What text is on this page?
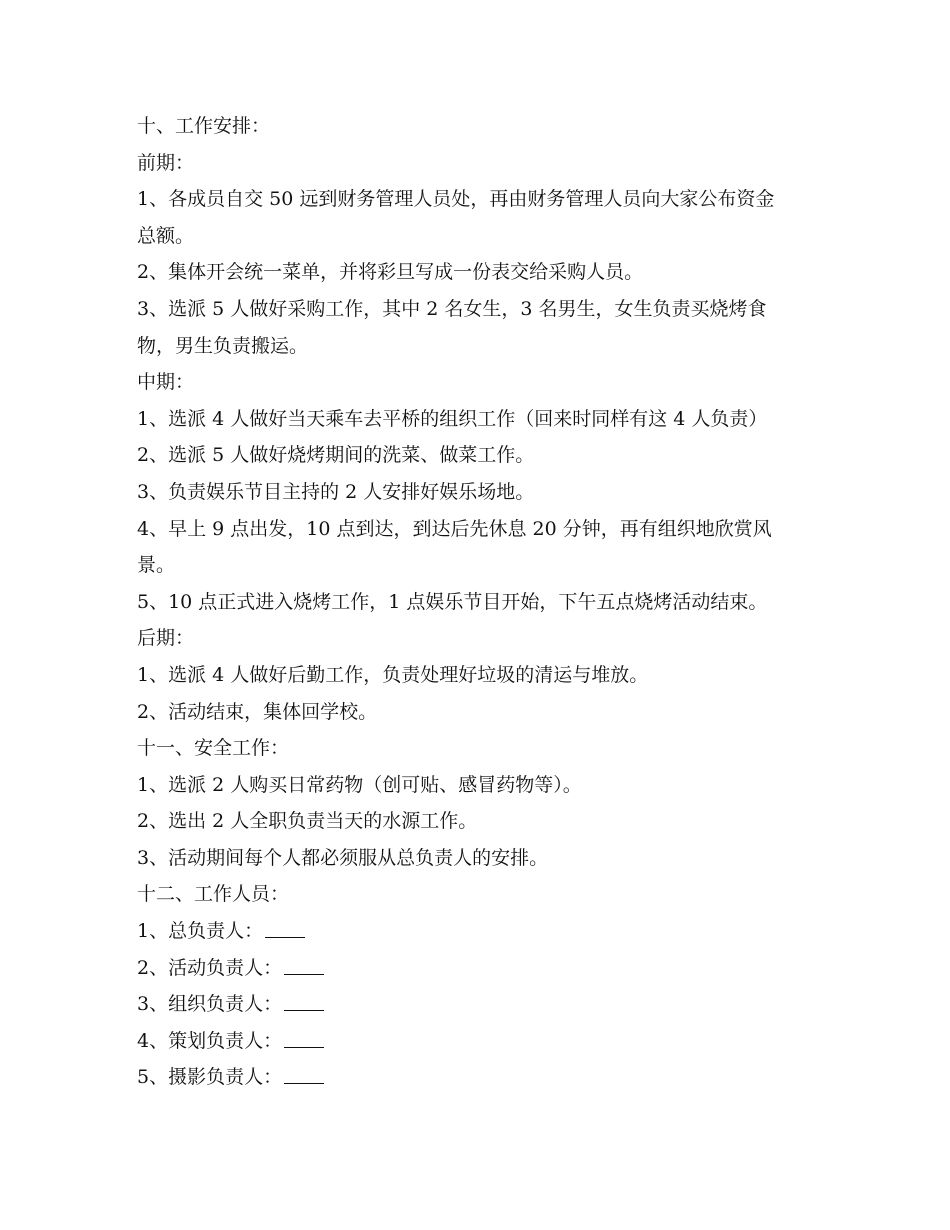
十、工作安排：

前期：

1、各成员自交 50 远到财务管理人员处，再由财务管理人员向大家公布资金

总额。

2、集体开会统一菜单，并将彩旦写成一份表交给采购人员。

3、选派 5 人做好采购工作，其中 2 名女生，3 名男生，女生负责买烧烤食

物，男生负责搬运。

中期：

1、选派 4 人做好当天乘车去平桥的组织工作（回来时同样有这 4 人负责）

2、选派 5 人做好烧烤期间的洗菜、做菜工作。

3、负责娱乐节目主持的 2 人安排好娱乐场地。

4、早上 9 点出发，10 点到达，到达后先休息 20 分钟，再有组织地欣赏风

景。

5、10 点正式进入烧烤工作，1 点娱乐节目开始，下午五点烧烤活动结束。

后期：

1、选派 4 人做好后勤工作，负责处理好垃圾的清运与堆放。

2、活动结束，集体回学校。

十一、安全工作：

1、选派 2 人购买日常药物（创可贴、感冒药物等）。

2、选出 2 人全职负责当天的水源工作。

3、活动期间每个人都必须服从总负责人的安排。

十二、工作人员：

1、总负责人：

2、活动负责人：

3、组织负责人：

4、策划负责人：

5、摄影负责人：
